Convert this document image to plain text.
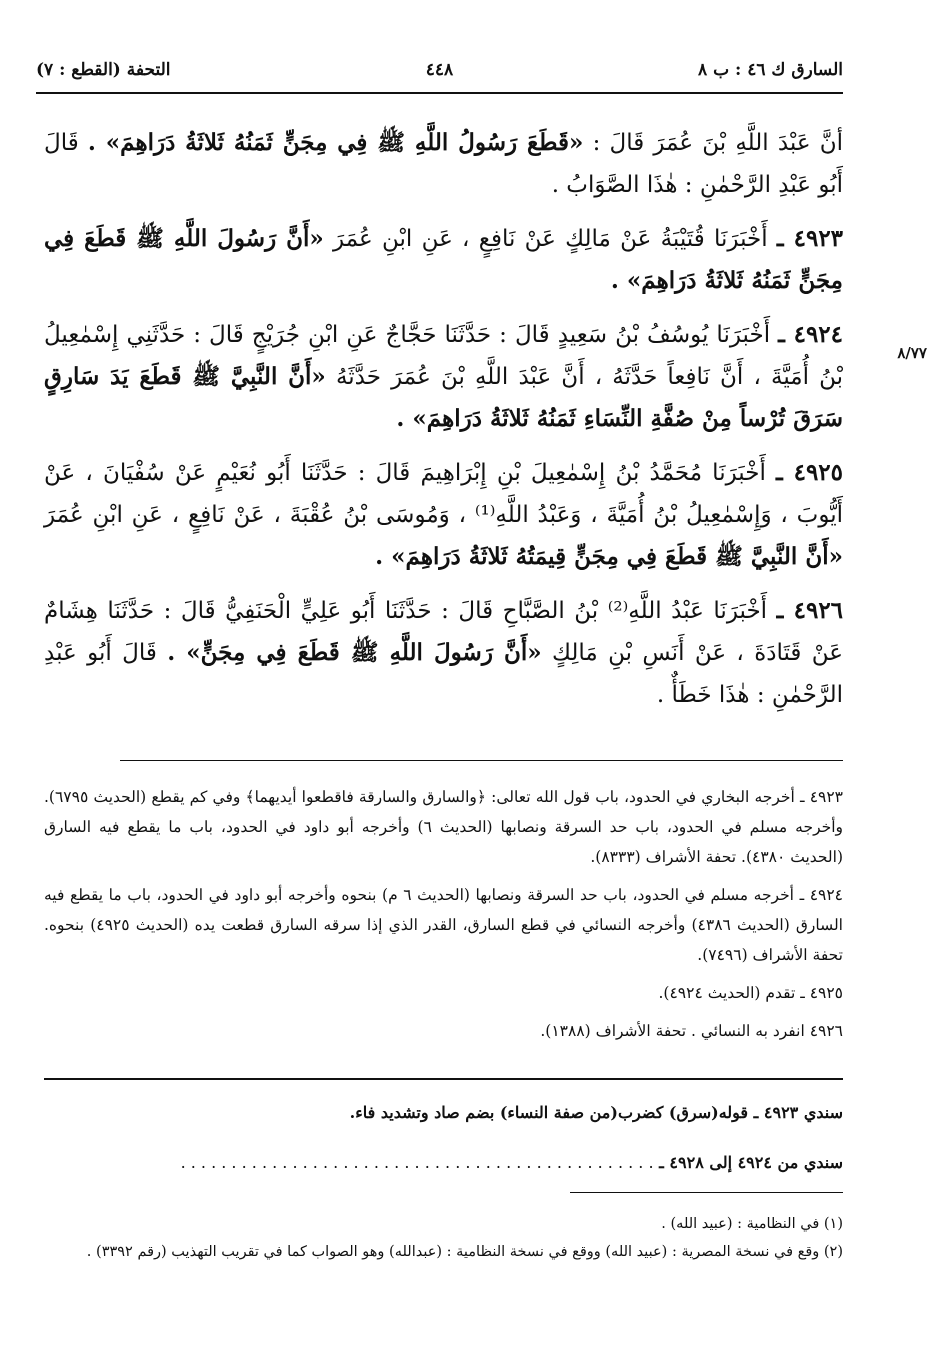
السارق ك ٤٦ : ب ٨
٤٤٨
التحفة (القطع : ٧)
٨/٧٧

أنَّ عَبْدَ اللَّهِ بْنَ عُمَرَ قَالَ : «قَطَعَ رَسُولُ اللَّهِ ﷺ فِي مِجَنٍّ ثَمَنُهُ ثَلاثَةُ دَرَاهِمَ» . قَالَ أَبُو عَبْدِ الرَّحْمٰنِ : هٰذَا الصَّوَابُ .

٤٩٢٣ ـ أَخْبَرَنَا قُتَيْبَةُ عَنْ مَالِكٍ عَنْ نَافِعٍ ، عَنِ ابْنِ عُمَرَ «أَنَّ رَسُولَ اللَّهِ ﷺ قَطَعَ فِي مِجَنٍّ ثَمَنُهُ ثَلاثَةُ دَرَاهِمَ» .

٤٩٢٤ ـ أَخْبَرَنَا يُوسُفُ بْنُ سَعِيدٍ قَالَ : حَدَّثَنَا حَجَّاجٌ عَنِ ابْنِ جُرَيْجٍ قَالَ : حَدَّثَنِي إِسْمٰعِيلُ بْنُ أُمَيَّةَ ، أَنَّ نَافِعاً حَدَّثَهُ ، أَنَّ عَبْدَ اللَّهِ بْنَ عُمَرَ حَدَّثَهُ «أَنَّ النَّبِيَّ ﷺ قَطَعَ يَدَ سَارِقٍ سَرَقَ تُرْساً مِنْ صُفَّةِ النِّسَاءِ ثَمَنُهُ ثَلاثَةُ دَرَاهِمَ» .

٤٩٢٥ ـ أَخْبَرَنَا مُحَمَّدُ بْنُ إِسْمٰعِيلَ بْنِ إِبْرَاهِيمَ قَالَ : حَدَّثَنَا أَبُو نُعَيْمٍ عَنْ سُفْيَانَ ، عَنْ أَيُّوبَ ، وَإِسْمٰعِيلُ بْنُ أُمَيَّةَ ، وَعَبْدُ اللَّهِ⁽¹⁾ ، وَمُوسَى بْنُ عُقْبَةَ ، عَنْ نَافِعٍ ، عَنِ ابْنِ عُمَرَ «أَنَّ النَّبِيَّ ﷺ قَطَعَ فِي مِجَنٍّ قِيمَتُهُ ثَلاثَةُ دَرَاهِمَ» .

٤٩٢٦ ـ أَخْبَرَنَا عَبْدُ اللَّهِ⁽²⁾ بْنُ الصَّبَّاحِ قَالَ : حَدَّثَنَا أَبُو عَلِيٍّ الْحَنَفِيُّ قَالَ : حَدَّثَنَا هِشَامٌ عَنْ قَتَادَةَ ، عَنْ أَنَسِ بْنِ مَالِكٍ «أَنَّ رَسُولَ اللَّهِ ﷺ قَطَعَ فِي مِجَنٍّ» . قَالَ أَبُو عَبْدِ الرَّحْمٰنِ : هٰذَا خَطَأٌ .

٤٩٢٣ ـ أخرجه البخاري في الحدود، باب قول الله تعالى: ﴿والسارق والسارقة فاقطعوا أيديهما﴾ وفي كم يقطع (الحديث ٦٧٩٥). وأخرجه مسلم في الحدود، باب حد السرقة ونصابها (الحديث ٦) وأخرجه أبو داود في الحدود، باب ما يقطع فيه السارق (الحديث ٤٣٨٠). تحفة الأشراف (٨٣٣٣).

٤٩٢٤ ـ أخرجه مسلم في الحدود، باب حد السرقة ونصابها (الحديث ٦ م) بنحوه وأخرجه أبو داود في الحدود، باب ما يقطع فيه السارق (الحديث ٤٣٨٦) وأخرجه النسائي في قطع السارق، القدر الذي إذا سرقه السارق قطعت يده (الحديث ٤٩٢٥) بنحوه. تحفة الأشراف (٧٤٩٦).

٤٩٢٥ ـ تقدم (الحديث ٤٩٢٤).

٤٩٢٦ انفرد به النسائي . تحفة الأشراف (١٣٨٨).

سندي ٤٩٢٣ ـ قوله(سرق) كضرب(من صفة النساء) بضم صاد وتشديد فاء.

سندي من ٤٩٢٤ إلى ٤٩٢٨ ـ . . . . . . . . . . . . . . . . . . . . . . . . . . . . . . . . . . . . . . . . . . . . . . .

(١) في النظامية : (عبيد الله) .

(٢) وقع في نسخة المصرية : (عبيد الله) ووقع في نسخة النظامية : (عبدالله) وهو الصواب كما في تقريب التهذيب (رقم ٣٣٩٢) .
